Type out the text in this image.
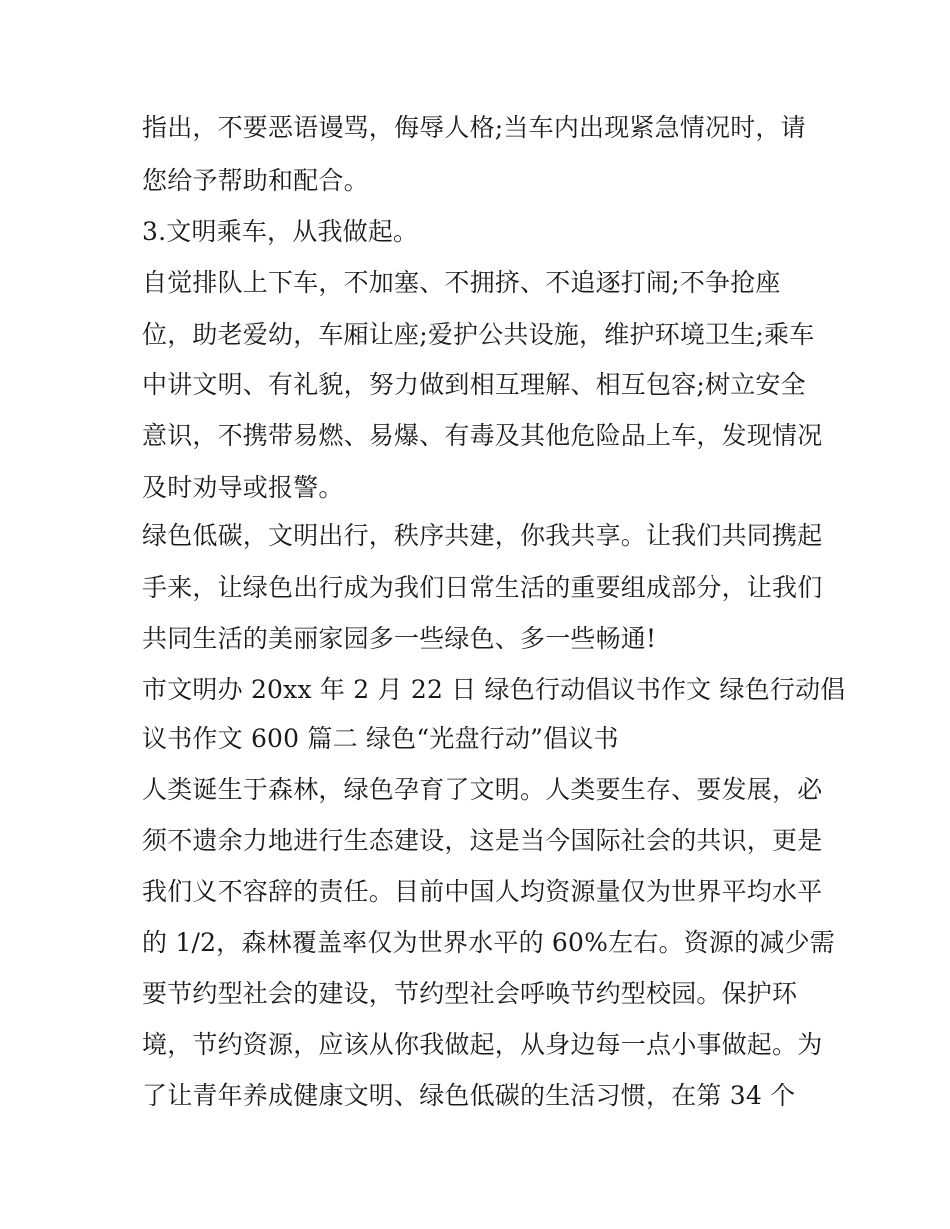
指出，不要恶语谩骂，侮辱人格;当车内出现紧急情况时，请
您给予帮助和配合。
3.文明乘车，从我做起。
自觉排队上下车，不加塞、不拥挤、不追逐打闹;不争抢座
位，助老爱幼，车厢让座;爱护公共设施，维护环境卫生;乘车
中讲文明、有礼貌，努力做到相互理解、相互包容;树立安全
意识，不携带易燃、易爆、有毒及其他危险品上车，发现情况
及时劝导或报警。
绿色低碳，文明出行，秩序共建，你我共享。让我们共同携起
手来，让绿色出行成为我们日常生活的重要组成部分，让我们
共同生活的美丽家园多一些绿色、多一些畅通!
市文明办 20xx 年 2 月 22 日 绿色行动倡议书作文 绿色行动倡
议书作文 600 篇二 绿色“光盘行动”倡议书
人类诞生于森林，绿色孕育了文明。人类要生存、要发展，必
须不遗余力地进行生态建设，这是当今国际社会的共识，更是
我们义不容辞的责任。目前中国人均资源量仅为世界平均水平
的 1/2，森林覆盖率仅为世界水平的 60%左右。资源的减少需
要节约型社会的建设，节约型社会呼唤节约型校园。保护环
境，节约资源，应该从你我做起，从身边每一点小事做起。为
了让青年养成健康文明、绿色低碳的生活习惯，在第 34 个
